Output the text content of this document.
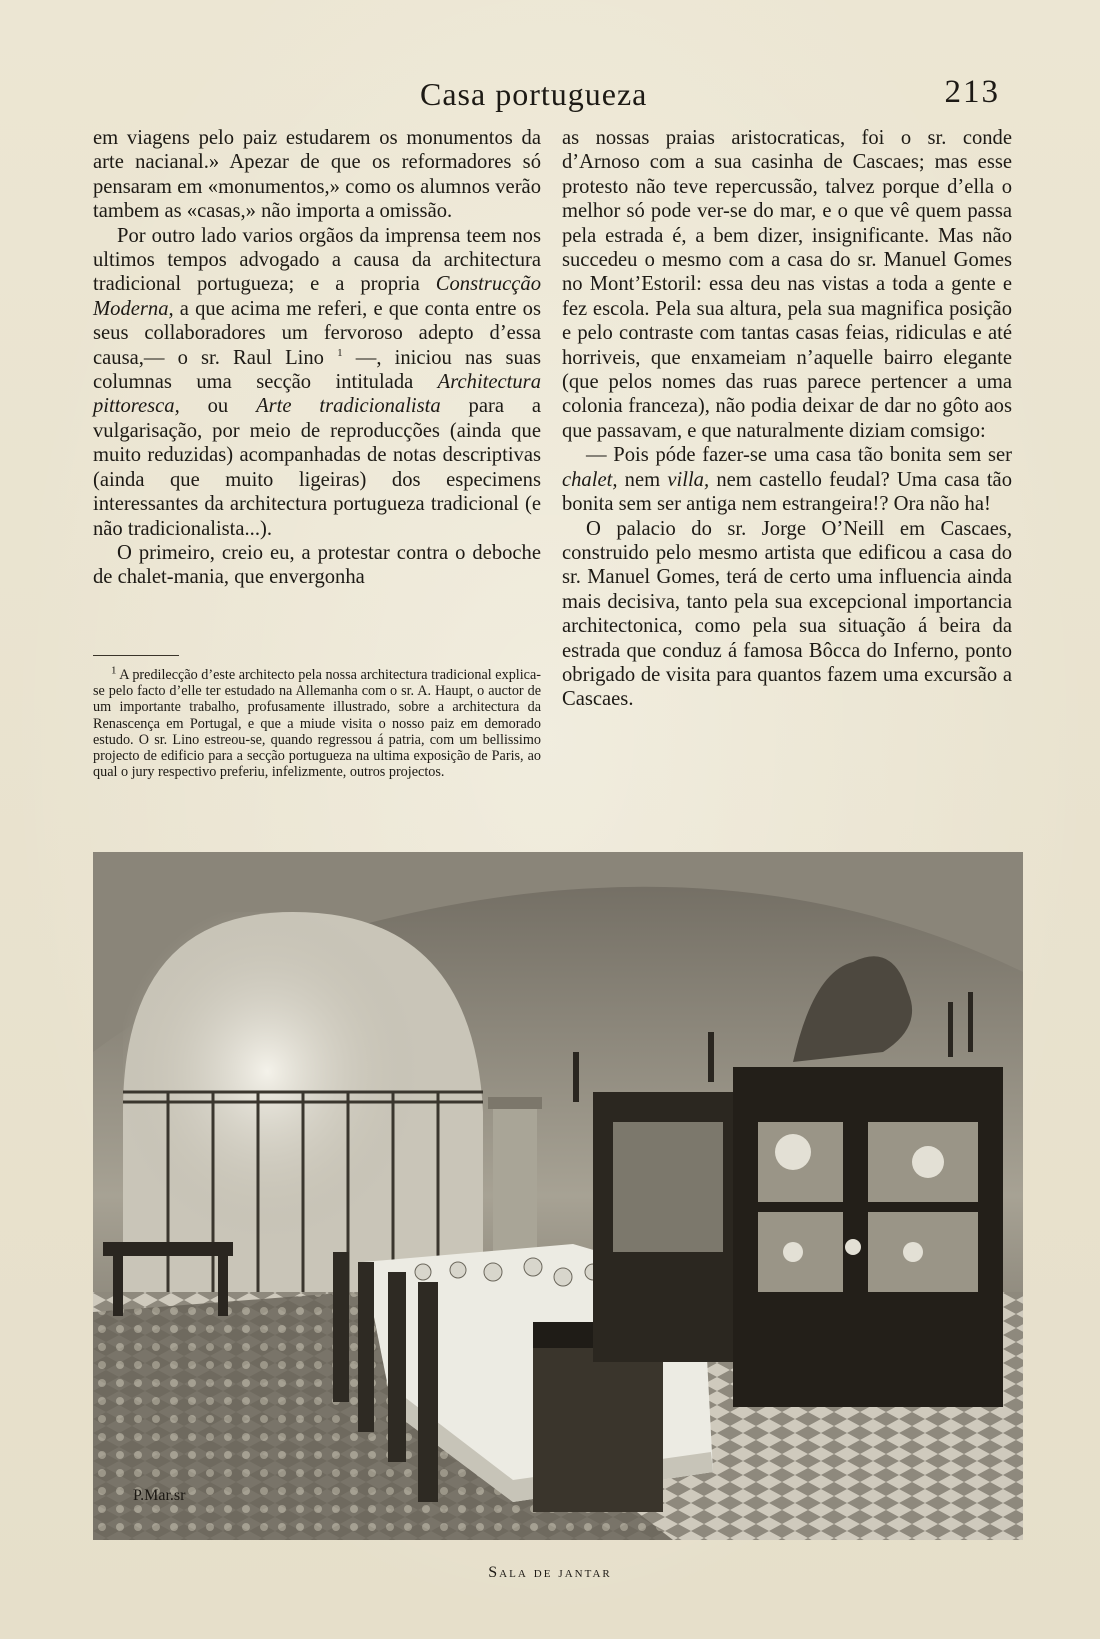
Casa portugueza	213

em viagens pelo paiz estudarem os monumentos da arte nacianal.» Apezar de que os reformadores só pensaram em «monumentos,» como os alumnos verão tambem as «casas,» não importa a omissão.

Por outro lado varios orgãos da imprensa teem nos ultimos tempos advogado a causa da architectura tradicional portugueza; e a propria Construcção Moderna, a que acima me referi, e que conta entre os seus collaboradores um fervoroso adepto d’essa causa,— o sr. Raul Lino $^1$ —, iniciou nas suas columnas uma secção intitulada Architectura pittoresca, ou Arte tradicionalista para a vulgarisação, por meio de reproducções (ainda que muito reduzidas) acompanhadas de notas descriptivas (ainda que muito ligeiras) dos especimens interessantes da architectura portugueza tradicional (e não tradicionalista...).

O primeiro, creio eu, a protestar contra o deboche de chalet-mania, que envergonha

$^1$ A predilecção d’este architecto pela nossa architectura tradicional explica-se pelo facto d’elle ter estudado na Allemanha com o sr. A. Haupt, o auctor de um importante trabalho, profusamente illustrado, sobre a architectura da Renascença em Portugal, e que a miude visita o nosso paiz em demorado estudo. O sr. Lino estreou-se, quando regressou á patria, com um bellissimo projecto de edificio para a secção portugueza na ultima exposição de Paris, ao qual o jury respectivo preferiu, infelizmente, outros projectos.

as nossas praias aristocraticas, foi o sr. conde d’Arnoso com a sua casinha de Cascaes; mas esse protesto não teve repercussão, talvez porque d’ella o melhor só pode ver-se do mar, e o que vê quem passa pela estrada é, a bem dizer, insignificante. Mas não succedeu o mesmo com a casa do sr. Manuel Gomes no Mont’Estoril: essa deu nas vistas a toda a gente e fez escola. Pela sua altura, pela sua magnifica posição e pelo contraste com tantas casas feias, ridiculas e até horriveis, que enxameiam n’aquelle bairro elegante (que pelos nomes das ruas parece pertencer a uma colonia franceza), não podia deixar de dar no gôto aos que passavam, e que naturalmente diziam comsigo:

— Pois póde fazer-se uma casa tão bonita sem ser chalet, nem villa, nem castello feudal? Uma casa tão bonita sem ser antiga nem estrangeira!? Ora não ha!

O palacio do sr. Jorge O’Neill em Cascaes, construido pelo mesmo artista que edificou a casa do sr. Manuel Gomes, terá de certo uma influencia ainda mais decisiva, tanto pela sua excepcional importancia architectonica, como pela sua situação á beira da estrada que conduz á famosa Bôcca do Inferno, ponto obrigado de visita para quantos fazem uma excursão a Cascaes.

P.Mar.sr
Sala de jantar
